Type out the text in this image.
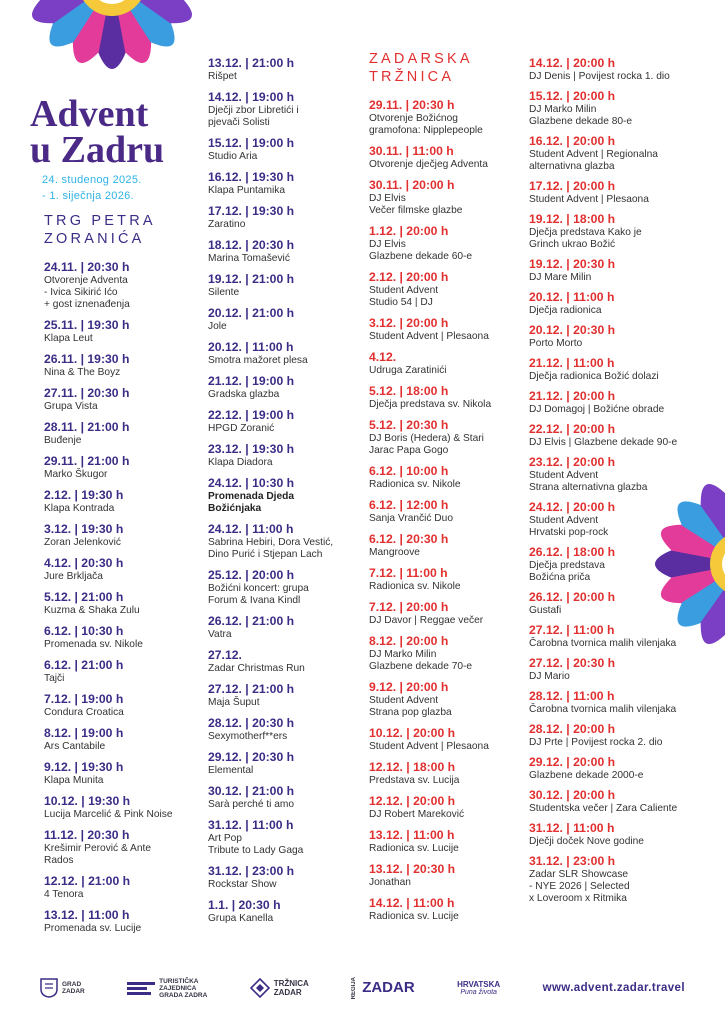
Advent
u Zadru
24. studenog 2025.
- 1. siječnja 2026.
TRG PETRA
ZORANIĆA
24.11. | 20:30 h
Otvorenje Adventa
- Ivica Sikirić Ićo
+ gost iznenađenja
25.11. | 19:30 h
Klapa Leut
26.11. | 19:30 h
Nina & The Boyz
27.11. | 20:30 h
Grupa Vista
28.11. | 21:00 h
Buđenje
29.11. | 21:00 h
Marko Škugor
2.12. | 19:30 h
Klapa Kontrada
3.12. | 19:30 h
Zoran Jelenković
4.12. | 20:30 h
Jure Brkljača
5.12. | 21:00 h
Kuzma & Shaka Zulu
6.12. | 10:30 h
Promenada sv. Nikole
6.12. | 21:00 h
Tajči
7.12. | 19:00 h
Condura Croatica
8.12. | 19:00 h
Ars Cantabile
9.12. | 19:30 h
Klapa Munita
10.12. | 19:30 h
Lucija Marcelić & Pink Noise
11.12. | 20:30 h
Krešimir Perović & Ante
Rados
12.12. | 21:00 h
4 Tenora
13.12. | 11:00 h
Promenada sv. Lucije
13.12. | 21:00 h
Rišpet
14.12. | 19:00 h
Dječji zbor Libretići i
pjevači Solisti
15.12. | 19:00 h
Studio Aria
16.12. | 19:30 h
Klapa Puntamika
17.12. | 19:30 h
Zaratino
18.12. | 20:30 h
Marina Tomašević
19.12. | 21:00 h
Silente
20.12. | 21:00 h
Jole
20.12. | 11:00 h
Smotra mažoret plesa
21.12. | 19:00 h
Gradska glazba
22.12. | 19:00 h
HPGD Zoranić
23.12. | 19:30 h
Klapa Diadora
24.12. | 10:30 h
Promenada Djeda
Božićnjaka
24.12. | 11:00 h
Sabrina Hebiri, Dora Vestić,
Dino Purić i Stjepan Lach
25.12. | 20:00 h
Božićni koncert: grupa
Forum & Ivana Kindl
26.12. | 21:00 h
Vatra
27.12.
Zadar Christmas Run
27.12. | 21:00 h
Maja Šuput
28.12. | 20:30 h
Sexymotherf**ers
29.12. | 20:30 h
Elemental
30.12. | 21:00 h
Sarà perché ti amo
31.12. | 11:00 h
Art Pop
Tribute to Lady Gaga
31.12. | 23:00 h
Rockstar Show
1.1. | 20:30 h
Grupa Kanella
ZADARSKA
TRŽNICA
29.11. | 20:30 h
Otvorenje Božićnog
gramofona: Nipplepeople
30.11. | 11:00 h
Otvorenje dječjeg Adventa
30.11. | 20:00 h
DJ Elvis
Večer filmske glazbe
1.12. | 20:00 h
DJ Elvis
Glazbene dekade 60-e
2.12. | 20:00 h
Student Advent
Studio 54 | DJ
3.12. | 20:00 h
Student Advent | Plesaona
4.12.
Udruga Zaratinići
5.12. | 18:00 h
Dječja predstava sv. Nikola
5.12. | 20:30 h
DJ Boris (Hedera) & Stari
Jarac Papa Gogo
6.12. | 10:00 h
Radionica sv. Nikole
6.12. | 12:00 h
Sanja Vrančić Duo
6.12. | 20:30 h
Mangroove
7.12. | 11:00 h
Radionica sv. Nikole
7.12. | 20:00 h
DJ Davor | Reggae večer
8.12. | 20:00 h
DJ Marko Milin
Glazbene dekade 70-e
9.12. | 20:00 h
Student Advent
Strana pop glazba
10.12. | 20:00 h
Student Advent | Plesaona
12.12. | 18:00 h
Predstava sv. Lucija
12.12. | 20:00 h
DJ Robert Mareković
13.12. | 11:00 h
Radionica sv. Lucije
13.12. | 20:30 h
Jonathan
14.12. | 11:00 h
Radionica sv. Lucije
14.12. | 20:00 h
DJ Denis | Povijest rocka 1. dio
15.12. | 20:00 h
DJ Marko Milin
Glazbene dekade 80-e
16.12. | 20:00 h
Student Advent | Regionalna
alternativna glazba
17.12. | 20:00 h
Student Advent | Plesaona
19.12. | 18:00 h
Dječja predstava Kako je
Grinch ukrao Božić
19.12. | 20:30 h
DJ Mare Milin
20.12. | 11:00 h
Dječja radionica
20.12. | 20:30 h
Porto Morto
21.12. | 11:00 h
Dječja radionica Božić dolazi
21.12. | 20:00 h
DJ Domagoj | Božićne obrade
22.12. | 20:00 h
DJ Elvis | Glazbene dekade 90-e
23.12. | 20:00 h
Student Advent
Strana alternativna glazba
24.12. | 20:00 h
Student Advent
Hrvatski pop-rock
26.12. | 18:00 h
Dječja predstava
Božićna priča
26.12. | 20:00 h
Gustafi
27.12. | 11:00 h
Čarobna tvornica malih vilenjaka
27.12. | 20:30 h
DJ Mario
28.12. | 11:00 h
Čarobna tvornica malih vilenjaka
28.12. | 20:00 h
DJ Prte | Povijest rocka 2. dio
29.12. | 20:00 h
Glazbene dekade 2000-e
30.12. | 20:00 h
Studentska večer | Zara Caliente
31.12. | 11:00 h
Dječji doček Nove godine
31.12. | 23:00 h
Zadar SLR Showcase
- NYE 2026 | Selected
x Loveroom x Ritmika
GRAD
ZADAR
TURISTIČKA
ZAJEDNICA
GRADA ZADRA
TRŽNICA
ZADAR	REGIJA ZADAR	HRVATSKA
Puna života	www.advent.zadar.travel
